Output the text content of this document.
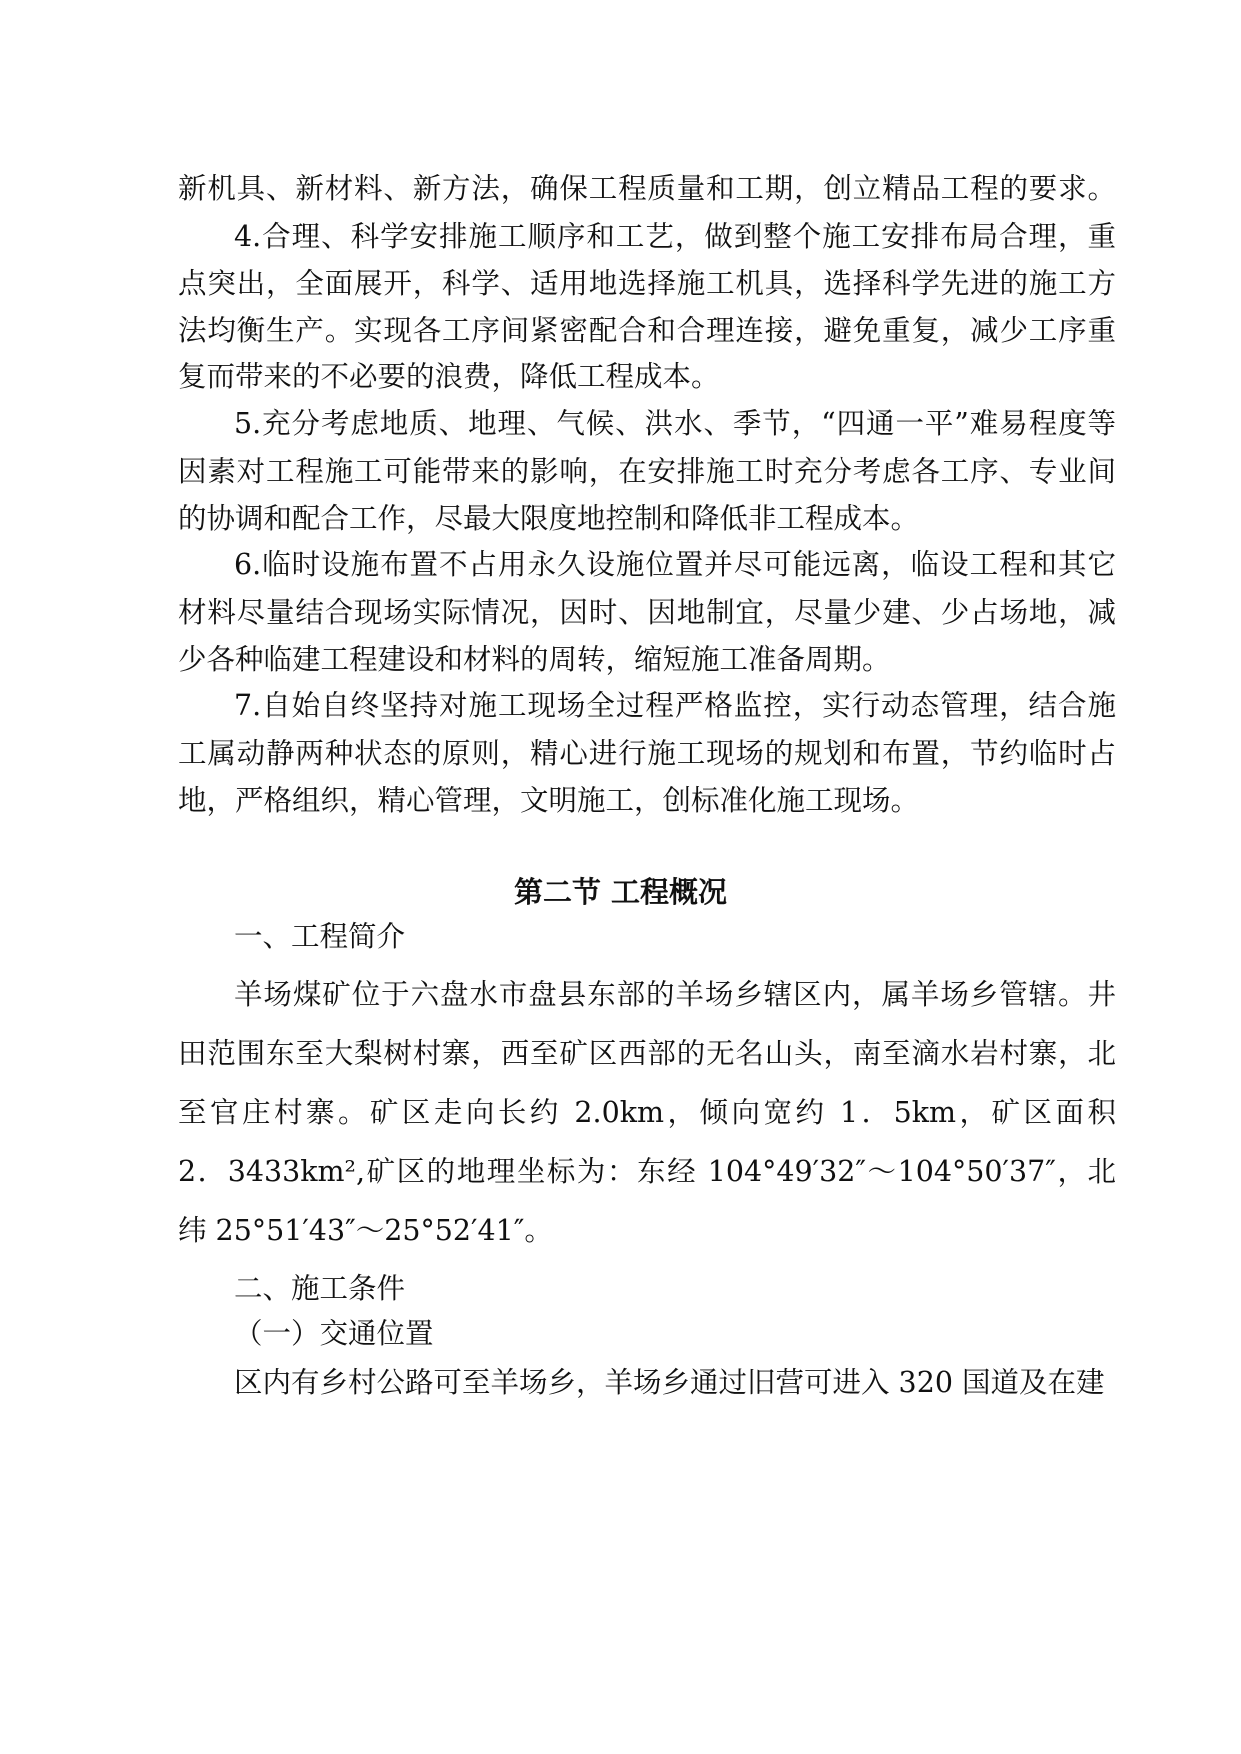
新机具、新材料、新方法，确保工程质量和工期，创立精品工程的要求。
4.合理、科学安排施工顺序和工艺，做到整个施工安排布局合理，重
点突出，全面展开，科学、适用地选择施工机具，选择科学先进的施工方
法均衡生产。实现各工序间紧密配合和合理连接，避免重复，减少工序重
复而带来的不必要的浪费，降低工程成本。
5.充分考虑地质、地理、气候、洪水、季节，“四通一平”难易程度等
因素对工程施工可能带来的影响，在安排施工时充分考虑各工序、专业间
的协调和配合工作，尽最大限度地控制和降低非工程成本。
6.临时设施布置不占用永久设施位置并尽可能远离，临设工程和其它
材料尽量结合现场实际情况，因时、因地制宜，尽量少建、少占场地，减
少各种临建工程建设和材料的周转，缩短施工准备周期。
7.自始自终坚持对施工现场全过程严格监控，实行动态管理，结合施
工属动静两种状态的原则，精心进行施工现场的规划和布置，节约临时占
地，严格组织，精心管理，文明施工，创标准化施工现场。
第二节 工程概况
一、工程简介
羊场煤矿位于六盘水市盘县东部的羊场乡辖区内，属羊场乡管辖。井
田范围东至大梨树村寨，西至矿区西部的无名山头，南至滴水岩村寨，北
至官庄村寨。矿区走向长约 2.0km，倾向宽约 1．5km，矿区面积
2．3433km²,矿区的地理坐标为：东经 104°49′32″～104°50′37″，北
纬 25°51′43″～25°52′41″。
二、施工条件
（一）交通位置
区内有乡村公路可至羊场乡，羊场乡通过旧营可进入 320 国道及在建
